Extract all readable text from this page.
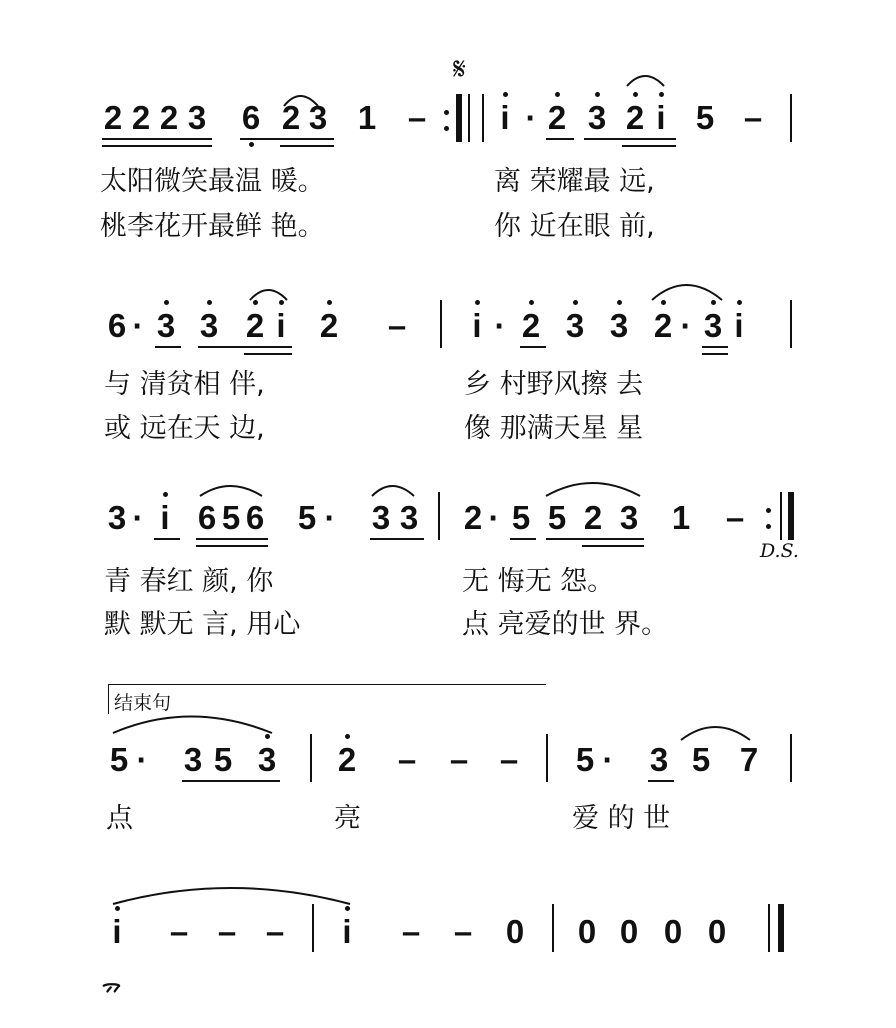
2 2 2 3 6 2 3 1 –
𝄋
i · 2 3 2 i 5 –
太阳微笑最温 暖。	离 荣耀最 远,
桃李花开最鲜 艳。	你 近在眼 前,
6 · 3 3 2 i 2 – i · 2 3 3 2 · 3 i
与 清贫相 伴,	乡 村野风擦 去
或 远在天 边,	像 那满天星 星
3 · i 6 5 6 5 · 3 3 2 · 5 5 2 3 1 –
D.S.
青 春红 颜, 你	无 悔无 怨。
默 默无 言, 用心	点 亮爱的世 界。
结束句
5 · 3 5 3 2 – – – 5 · 3 5 7
点	亮	爱 的 世
i – – – i – – 0 0 0 0 0
ᯄ
